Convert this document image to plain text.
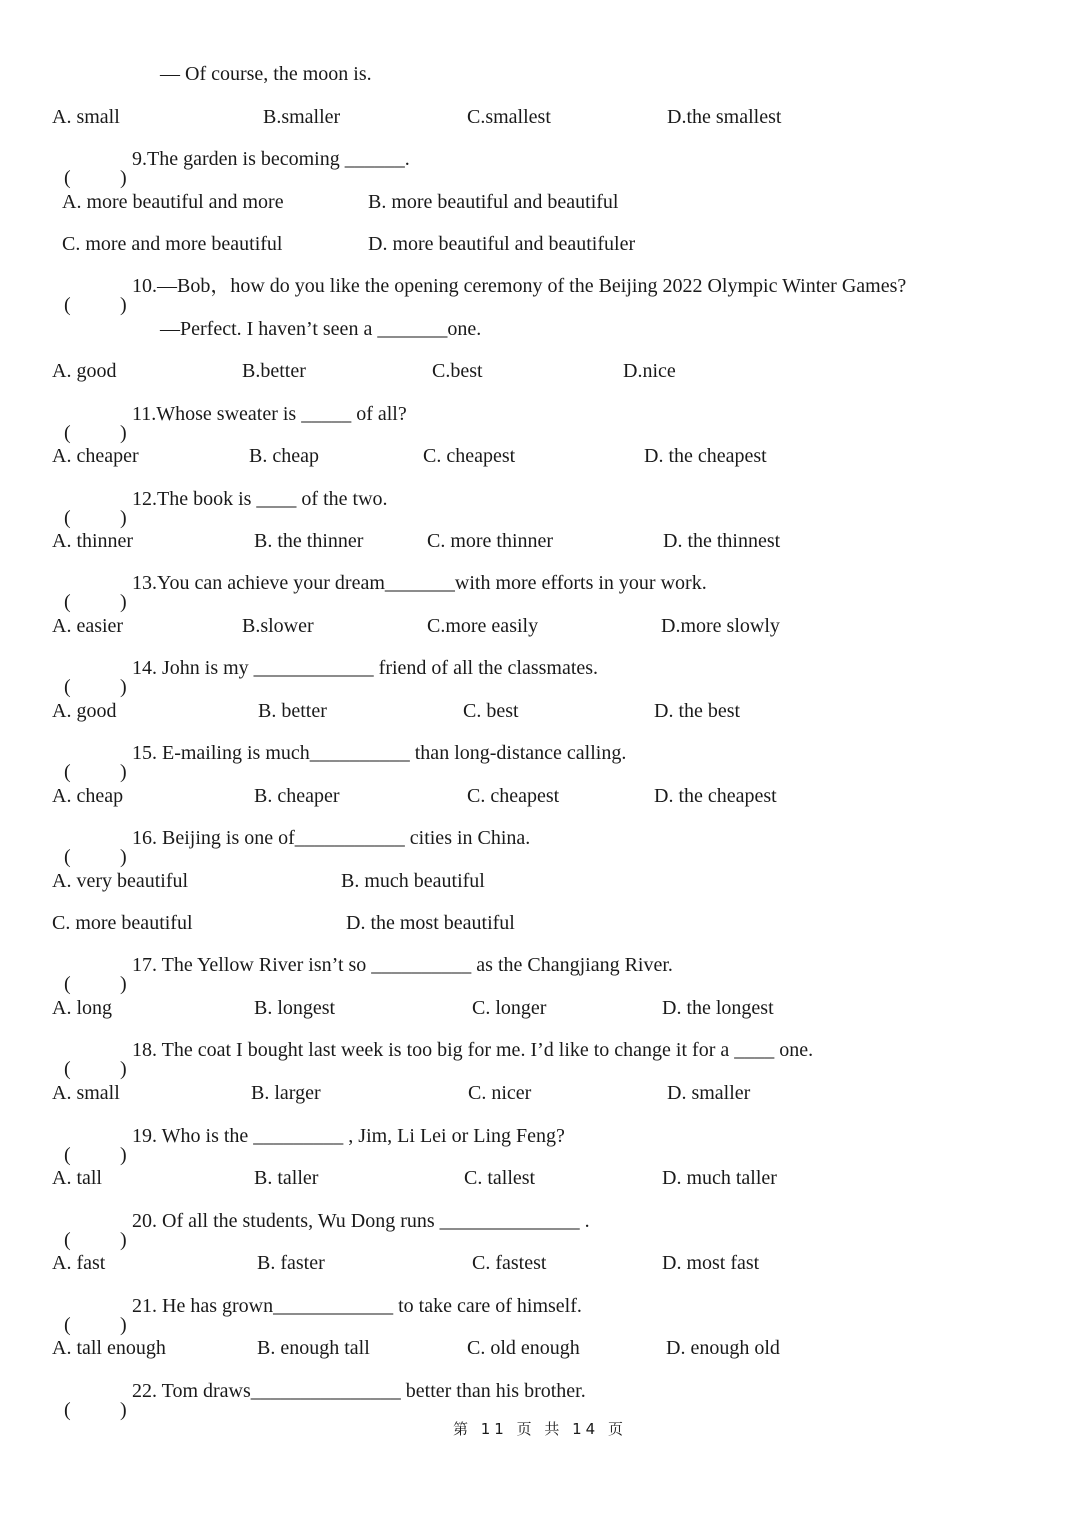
— Of course, the moon is.
A. small	B.smaller	C.smallest	D.the smallest
( )
9.The garden is becoming ______.
A. more beautiful and more	B. more beautiful and beautiful
C. more and more beautiful	D. more beautiful and beautifuler
( )
10.—Bob，how do you like the opening ceremony of the Beijing 2022 Olympic Winter Games?
—Perfect. I haven’t seen a _______one.
A. good	B.better	C.best	D.nice
( )
11.Whose sweater is _____ of all?
A. cheaper	B. cheap	C. cheapest	D. the cheapest
( )
12.The book is ____ of the two.
A. thinner	B. the thinner	C. more thinner	D. the thinnest
( )
13.You can achieve your dream_______with more efforts in your work.
A. easier	B.slower	C.more easily	D.more slowly
( )
14. John is my ____________ friend of all the classmates.
A. good	B. better	C. best	D. the best
( )
15. E-mailing is much__________ than long-distance calling.
A. cheap	B. cheaper	C. cheapest	D. the cheapest
( )
16. Beijing is one of___________ cities in China.
A. very beautiful	B. much beautiful
C. more beautiful	D. the most beautiful
( )
17. The Yellow River isn’t so __________ as the Changjiang River.
A. long	B. longest	C. longer	D. the longest
( )
18. The coat I bought last week is too big for me. I’d like to change it for a ____ one.
A. small	B. larger	C. nicer	D. smaller
( )
19. Who is the _________ , Jim, Li Lei or Ling Feng?
A. tall	B. taller	C. tallest	D. much taller
( )
20. Of all the students, Wu Dong runs ______________ .
A. fast	B. faster	C. fastest	D. most fast
( )
21. He has grown____________ to take care of himself.
A. tall enough	B. enough tall	C. old enough	D. enough old
( )
22. Tom draws_______________ better than his brother.
第 11 页 共 14 页
